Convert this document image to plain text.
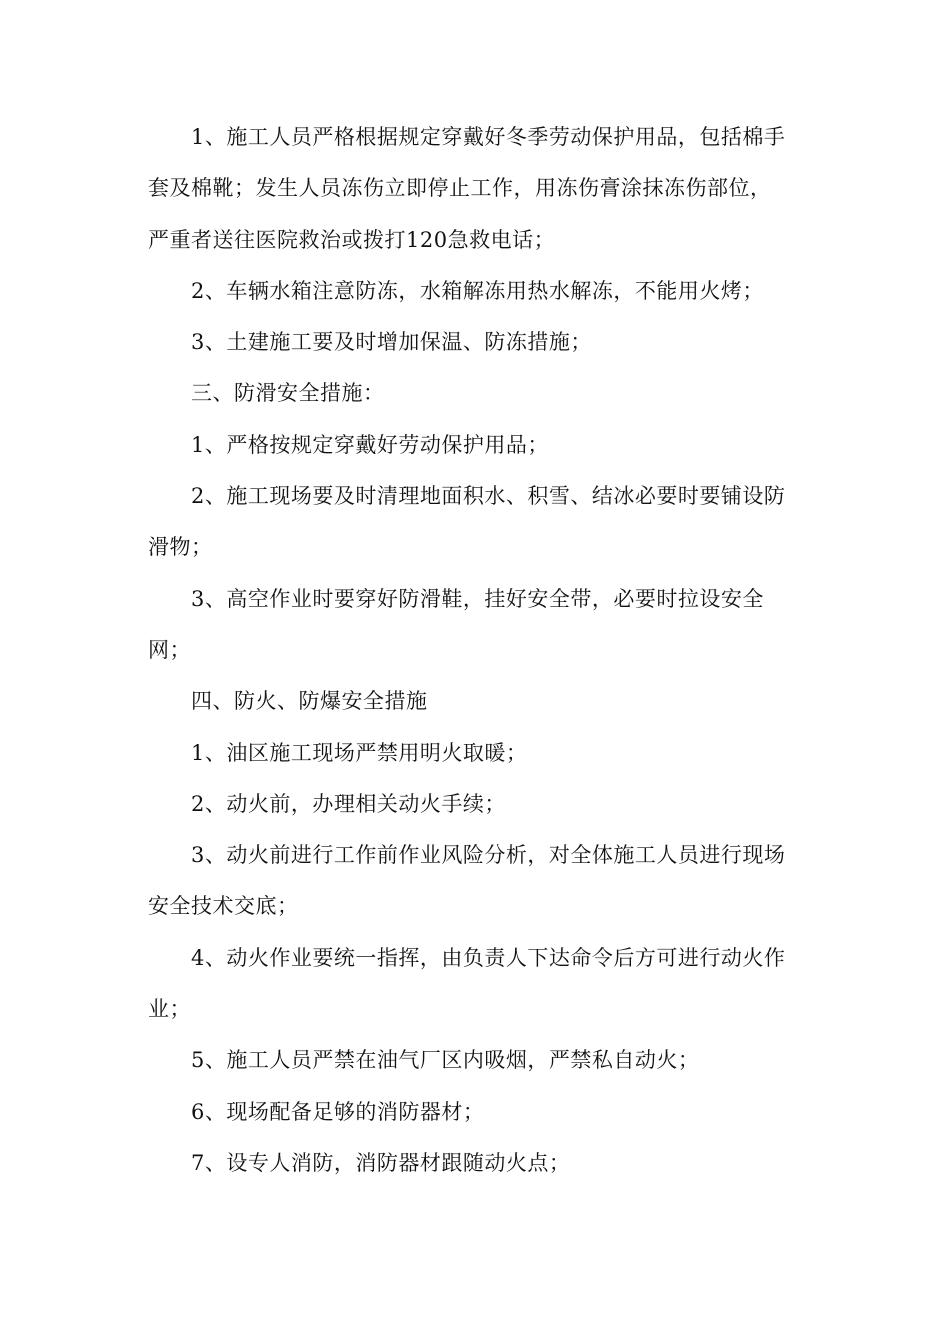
1、施工人员严格根据规定穿戴好冬季劳动保护用品，包括棉手套及棉靴；发生人员冻伤立即停止工作，用冻伤膏涂抹冻伤部位，严重者送往医院救治或拨打120急救电话；

2、车辆水箱注意防冻，水箱解冻用热水解冻，不能用火烤；

3、土建施工要及时增加保温、防冻措施；

三、防滑安全措施：

1、严格按规定穿戴好劳动保护用品；

2、施工现场要及时清理地面积水、积雪、结冰必要时要铺设防滑物；

3、高空作业时要穿好防滑鞋，挂好安全带，必要时拉设安全网；

四、防火、防爆安全措施

1、油区施工现场严禁用明火取暖；

2、动火前，办理相关动火手续；

3、动火前进行工作前作业风险分析，对全体施工人员进行现场安全技术交底；

4、动火作业要统一指挥，由负责人下达命令后方可进行动火作业；

5、施工人员严禁在油气厂区内吸烟，严禁私自动火；

6、现场配备足够的消防器材；

7、设专人消防，消防器材跟随动火点；
